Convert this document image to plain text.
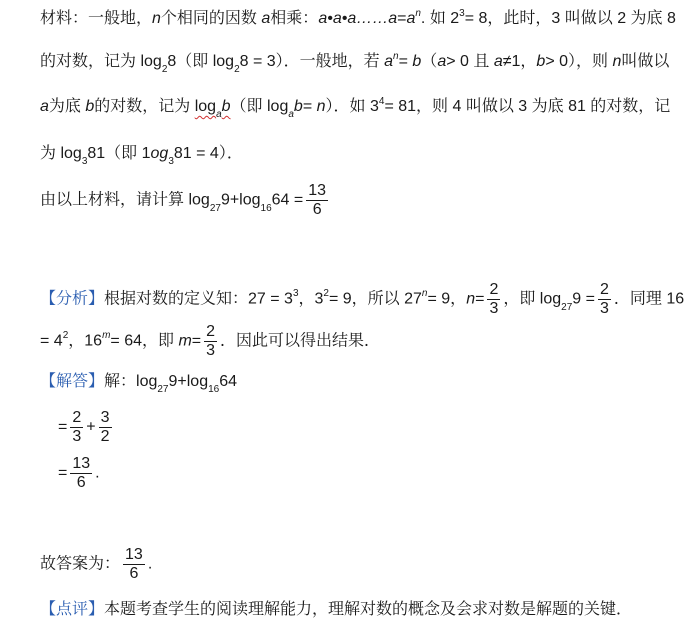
材料：一般地，n个相同的因数 a相乘：$a•a•a\dots\dots a=a^n$. 如 $2^3= 8$，此时，3 叫做以 2 为底 8
的对数，记为 $\log_28$（即 $\log_28 = 3$）．一般地，若 $a^n= b(a> 0$ 且 a≠1，b> 0），则 n叫做以
a为底 b的对数，记为 $\log_ab$（即 $\log_ab= n$）．如 $3^4= 81$，则 4 叫做以 3 为底 81 的对数，记
为 $\log_381$（即 $1og_381 = 4$）．
由以上材料，请计算 $\log_{27}9+\log_{16}64 = \frac{13}{6}$
【分析】根据对数的定义知：$27 = 3^3$，$3^2= 9$，所以 $27^n= 9$，$n= \frac{2}{3}$ ，即 $\log_{27}9 = \frac{2}{3}$ ．同理 16
= $4^2$，$16^m= 64$，即 $m= \frac{2}{3}$ ．因此可以得出结果．
【解答】解：$\log_{27}9+\log_{16}64$
= $\frac{2}{3} + \frac{3}{2}$
= $\frac{13}{6}$ .
故答案为： $\frac{13}{6}$ .
【点评】本题考查学生的阅读理解能力，理解对数的概念及会求对数是解题的关键．
